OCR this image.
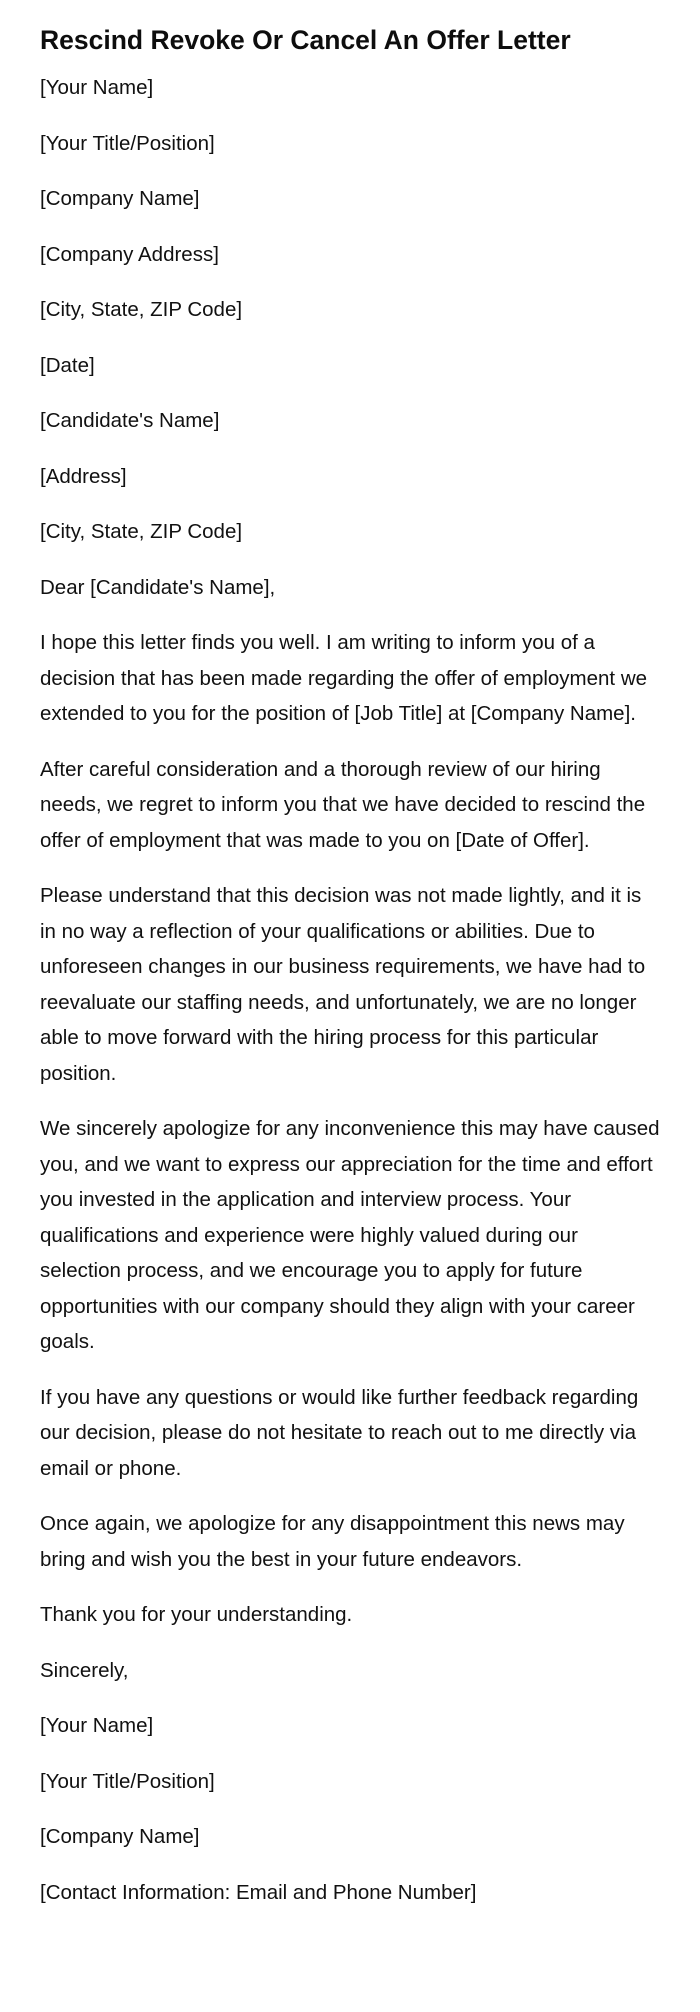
Rescind Revoke Or Cancel An Offer Letter

[Your Name]

[Your Title/Position]

[Company Name]

[Company Address]

[City, State, ZIP Code]

[Date]

[Candidate's Name]

[Address]

[City, State, ZIP Code]

Dear [Candidate's Name],

I hope this letter finds you well. I am writing to inform you of a decision that has been made regarding the offer of employment we extended to you for the position of [Job Title] at [Company Name].

After careful consideration and a thorough review of our hiring needs, we regret to inform you that we have decided to rescind the offer of employment that was made to you on [Date of Offer].

Please understand that this decision was not made lightly, and it is in no way a reflection of your qualifications or abilities. Due to unforeseen changes in our business requirements, we have had to reevaluate our staffing needs, and unfortunately, we are no longer able to move forward with the hiring process for this particular position.

We sincerely apologize for any inconvenience this may have caused you, and we want to express our appreciation for the time and effort you invested in the application and interview process. Your qualifications and experience were highly valued during our selection process, and we encourage you to apply for future opportunities with our company should they align with your career goals.

If you have any questions or would like further feedback regarding our decision, please do not hesitate to reach out to me directly via email or phone.

Once again, we apologize for any disappointment this news may bring and wish you the best in your future endeavors.

Thank you for your understanding.

Sincerely,

[Your Name]

[Your Title/Position]

[Company Name]

[Contact Information: Email and Phone Number]
